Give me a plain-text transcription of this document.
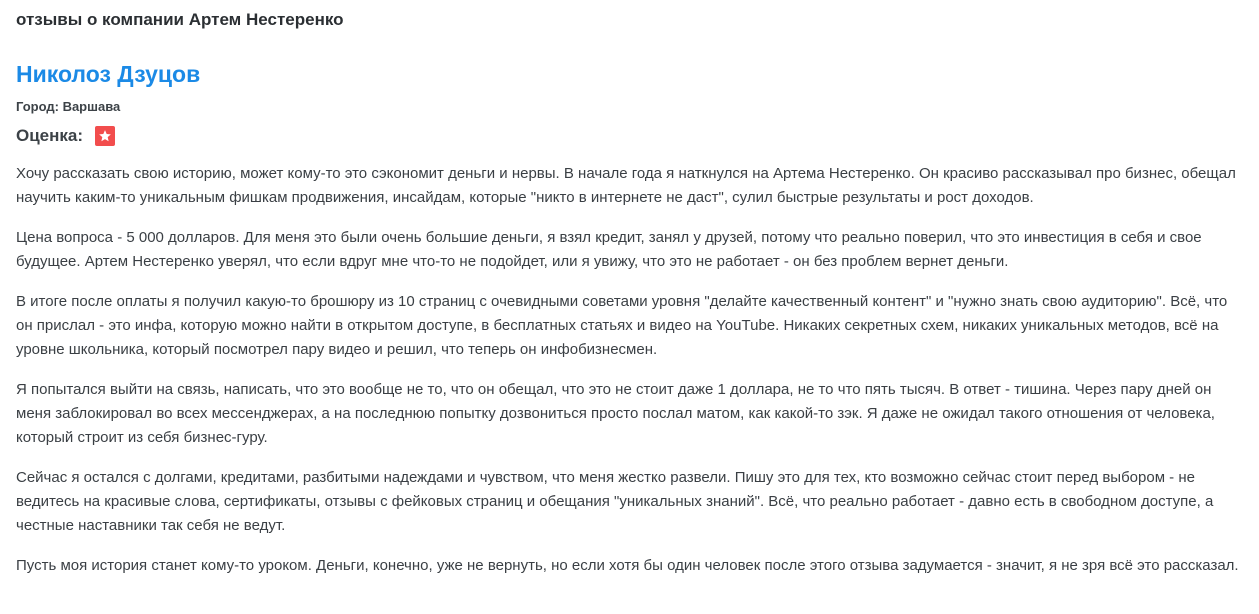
отзывы о компании Артем Нестеренко
Николоз Дзуцов
Город: Варшава
Оценка:

Хочу рассказать свою историю, может кому-то это сэкономит деньги и нервы. В начале года я наткнулся на Артема Нестеренко. Он красиво рассказывал про бизнес, обещал научить каким-то уникальным фишкам продвижения, инсайдам, которые "никто в интернете не даст", сулил быстрые результаты и рост доходов.

Цена вопроса - 5 000 долларов. Для меня это были очень большие деньги, я взял кредит, занял у друзей, потому что реально поверил, что это инвестиция в себя и свое будущее. Артем Нестеренко уверял, что если вдруг мне что-то не подойдет, или я увижу, что это не работает - он без проблем вернет деньги.

В итоге после оплаты я получил какую-то брошюру из 10 страниц с очевидными советами уровня "делайте качественный контент" и "нужно знать свою аудиторию". Всё, что он прислал - это инфа, которую можно найти в открытом доступе, в бесплатных статьях и видео на YouTube. Никаких секретных схем, никаких уникальных методов, всё на уровне школьника, который посмотрел пару видео и решил, что теперь он инфобизнесмен.

Я попытался выйти на связь, написать, что это вообще не то, что он обещал, что это не стоит даже 1 доллара, не то что пять тысяч. В ответ - тишина. Через пару дней он меня заблокировал во всех мессенджерах, а на последнюю попытку дозвониться просто послал матом, как какой-то зэк. Я даже не ожидал такого отношения от человека, который строит из себя бизнес-гуру.

Сейчас я остался с долгами, кредитами, разбитыми надеждами и чувством, что меня жестко развели. Пишу это для тех, кто возможно сейчас стоит перед выбором - не ведитесь на красивые слова, сертификаты, отзывы с фейковых страниц и обещания "уникальных знаний". Всё, что реально работает - давно есть в свободном доступе, а честные наставники так себя не ведут.

Пусть моя история станет кому-то уроком. Деньги, конечно, уже не вернуть, но если хотя бы один человек после этого отзыва задумается - значит, я не зря всё это рассказал.
